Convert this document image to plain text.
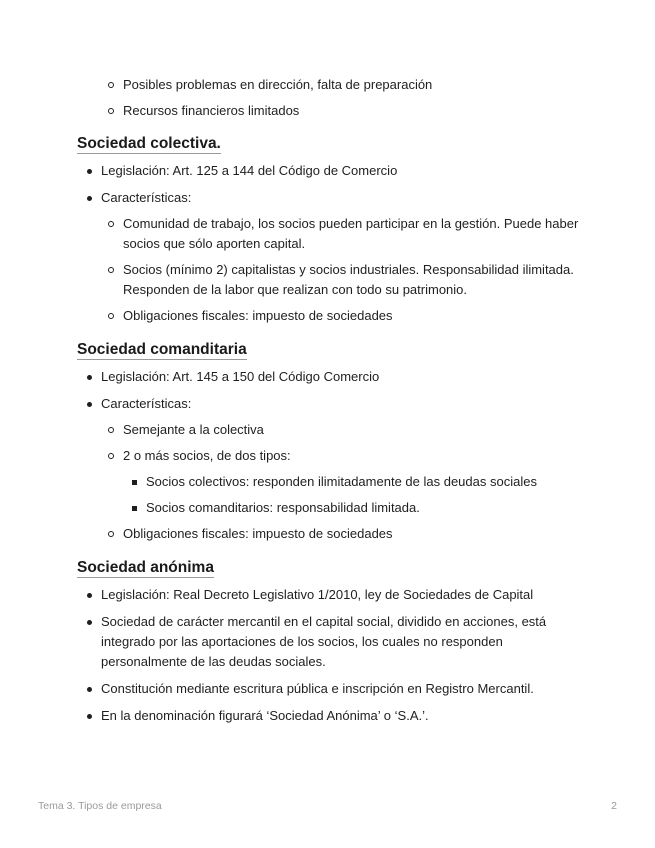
Posibles problemas en dirección, falta de preparación
Recursos financieros limitados
Sociedad colectiva.
Legislación: Art. 125 a 144 del Código de Comercio
Características:
Comunidad de trabajo, los socios pueden participar en la gestión. Puede haber socios que sólo aporten capital.
Socios (mínimo 2) capitalistas y socios industriales. Responsabilidad ilimitada. Responden de la labor que realizan con todo su patrimonio.
Obligaciones fiscales: impuesto de sociedades
Sociedad comanditaria
Legislación: Art. 145 a 150 del Código Comercio
Características:
Semejante a la colectiva
2 o más socios, de dos tipos:
Socios colectivos: responden ilimitadamente de las deudas sociales
Socios comanditarios: responsabilidad limitada.
Obligaciones fiscales: impuesto de sociedades
Sociedad anónima
Legislación: Real Decreto Legislativo 1/2010, ley de Sociedades de Capital
Sociedad de carácter mercantil en el capital social, dividido en acciones, está integrado por las aportaciones de los socios, los cuales no responden personalmente de las deudas sociales.
Constitución mediante escritura pública e inscripción en Registro Mercantil.
En la denominación figurará ‘Sociedad Anónima’ o ‘S.A.’.
Tema 3. Tipos de empresa	2
